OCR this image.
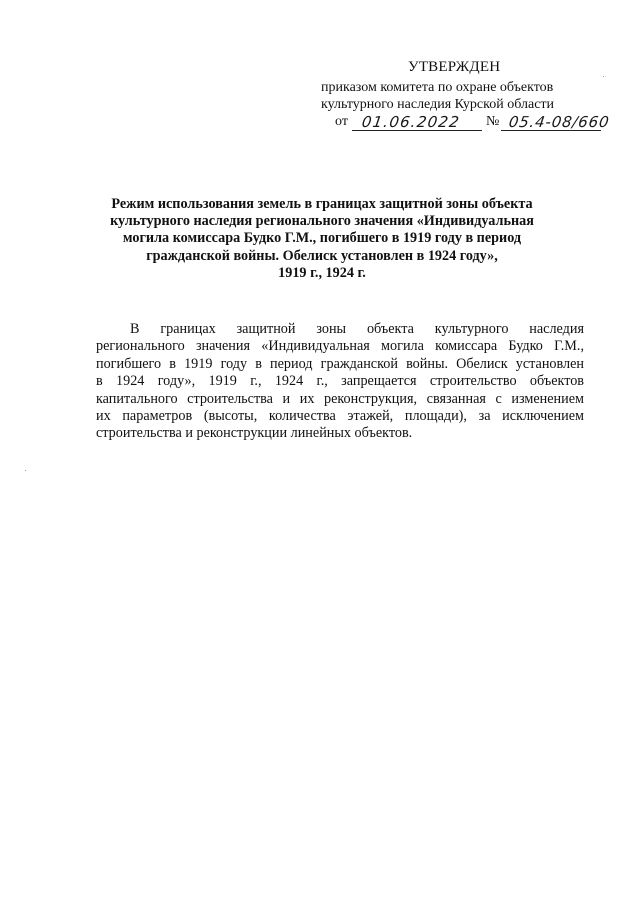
УТВЕРЖДЕН
приказом комитета по охране объектов
культурного наследия Курской области
от 01.06.2022 № 05.4-08/660
Режим использования земель в границах защитной зоны объекта
культурного наследия регионального значения «Индивидуальная
могила комиссара Будко Г.М., погибшего в 1919 году в период
гражданской войны. Обелиск установлен в 1924 году»,
1919 г., 1924 г.
В границах защитной зоны объекта культурного наследия
регионального значения «Индивидуальная могила комиссара Будко Г.М.,
погибшего в 1919 году в период гражданской войны. Обелиск установлен
в 1924 году», 1919 г., 1924 г., запрещается строительство объектов
капитального строительства и их реконструкция, связанная с изменением
их параметров (высоты, количества этажей, площади), за исключением
строительства и реконструкции линейных объектов.
